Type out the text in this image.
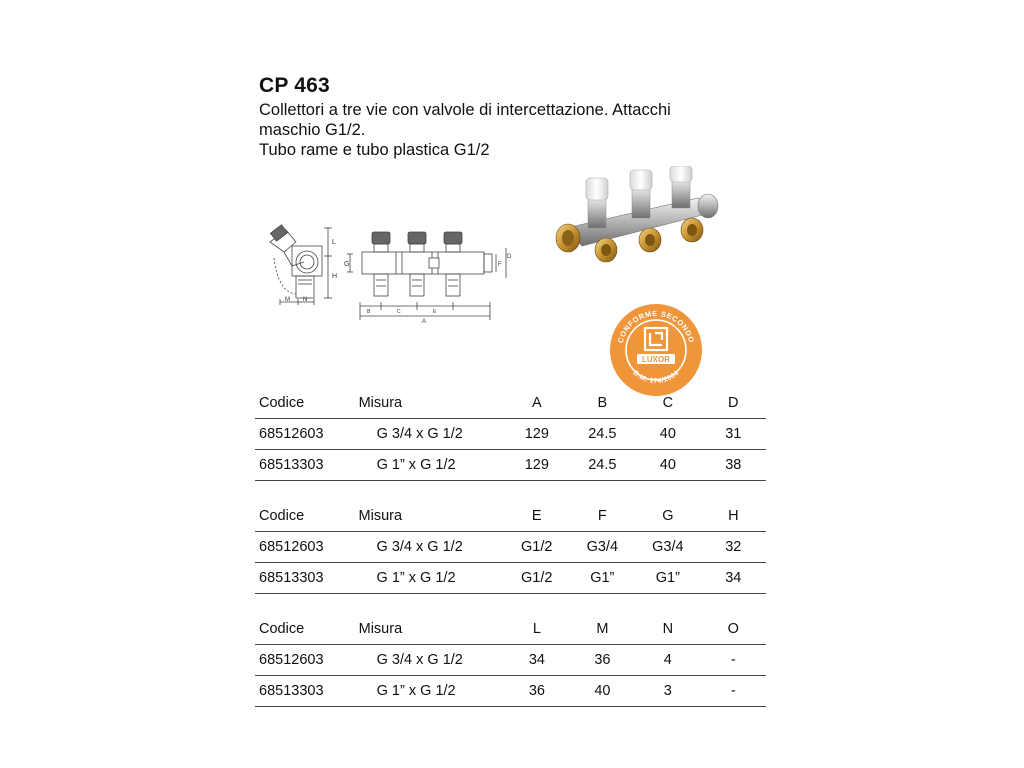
CP 463
Collettori a tre vie con valvole di intercettazione. Attacchi
maschio G1/2.
Tubo rame e tubo plastica G1/2
L
H
M N
G	F
D
A
B	C	E
CONFORME SECONDO
LUXOR
D.M. 174/2004
Codice	Misura	A	B	C	D
68512603	G 3/4 x G 1/2	129	24.5	40	31
68513303	G 1” x G 1/2	129	24.5	40	38
Codice	Misura	E	F	G	H
68512603	G 3/4 x G 1/2	G1/2	G3/4	G3/4	32
68513303	G 1” x G 1/2	G1/2	G1”	G1”	34
Codice	Misura	L	M	N	O
68512603	G 3/4 x G 1/2	34	36	4	-
68513303	G 1” x G 1/2	36	40	3	-
